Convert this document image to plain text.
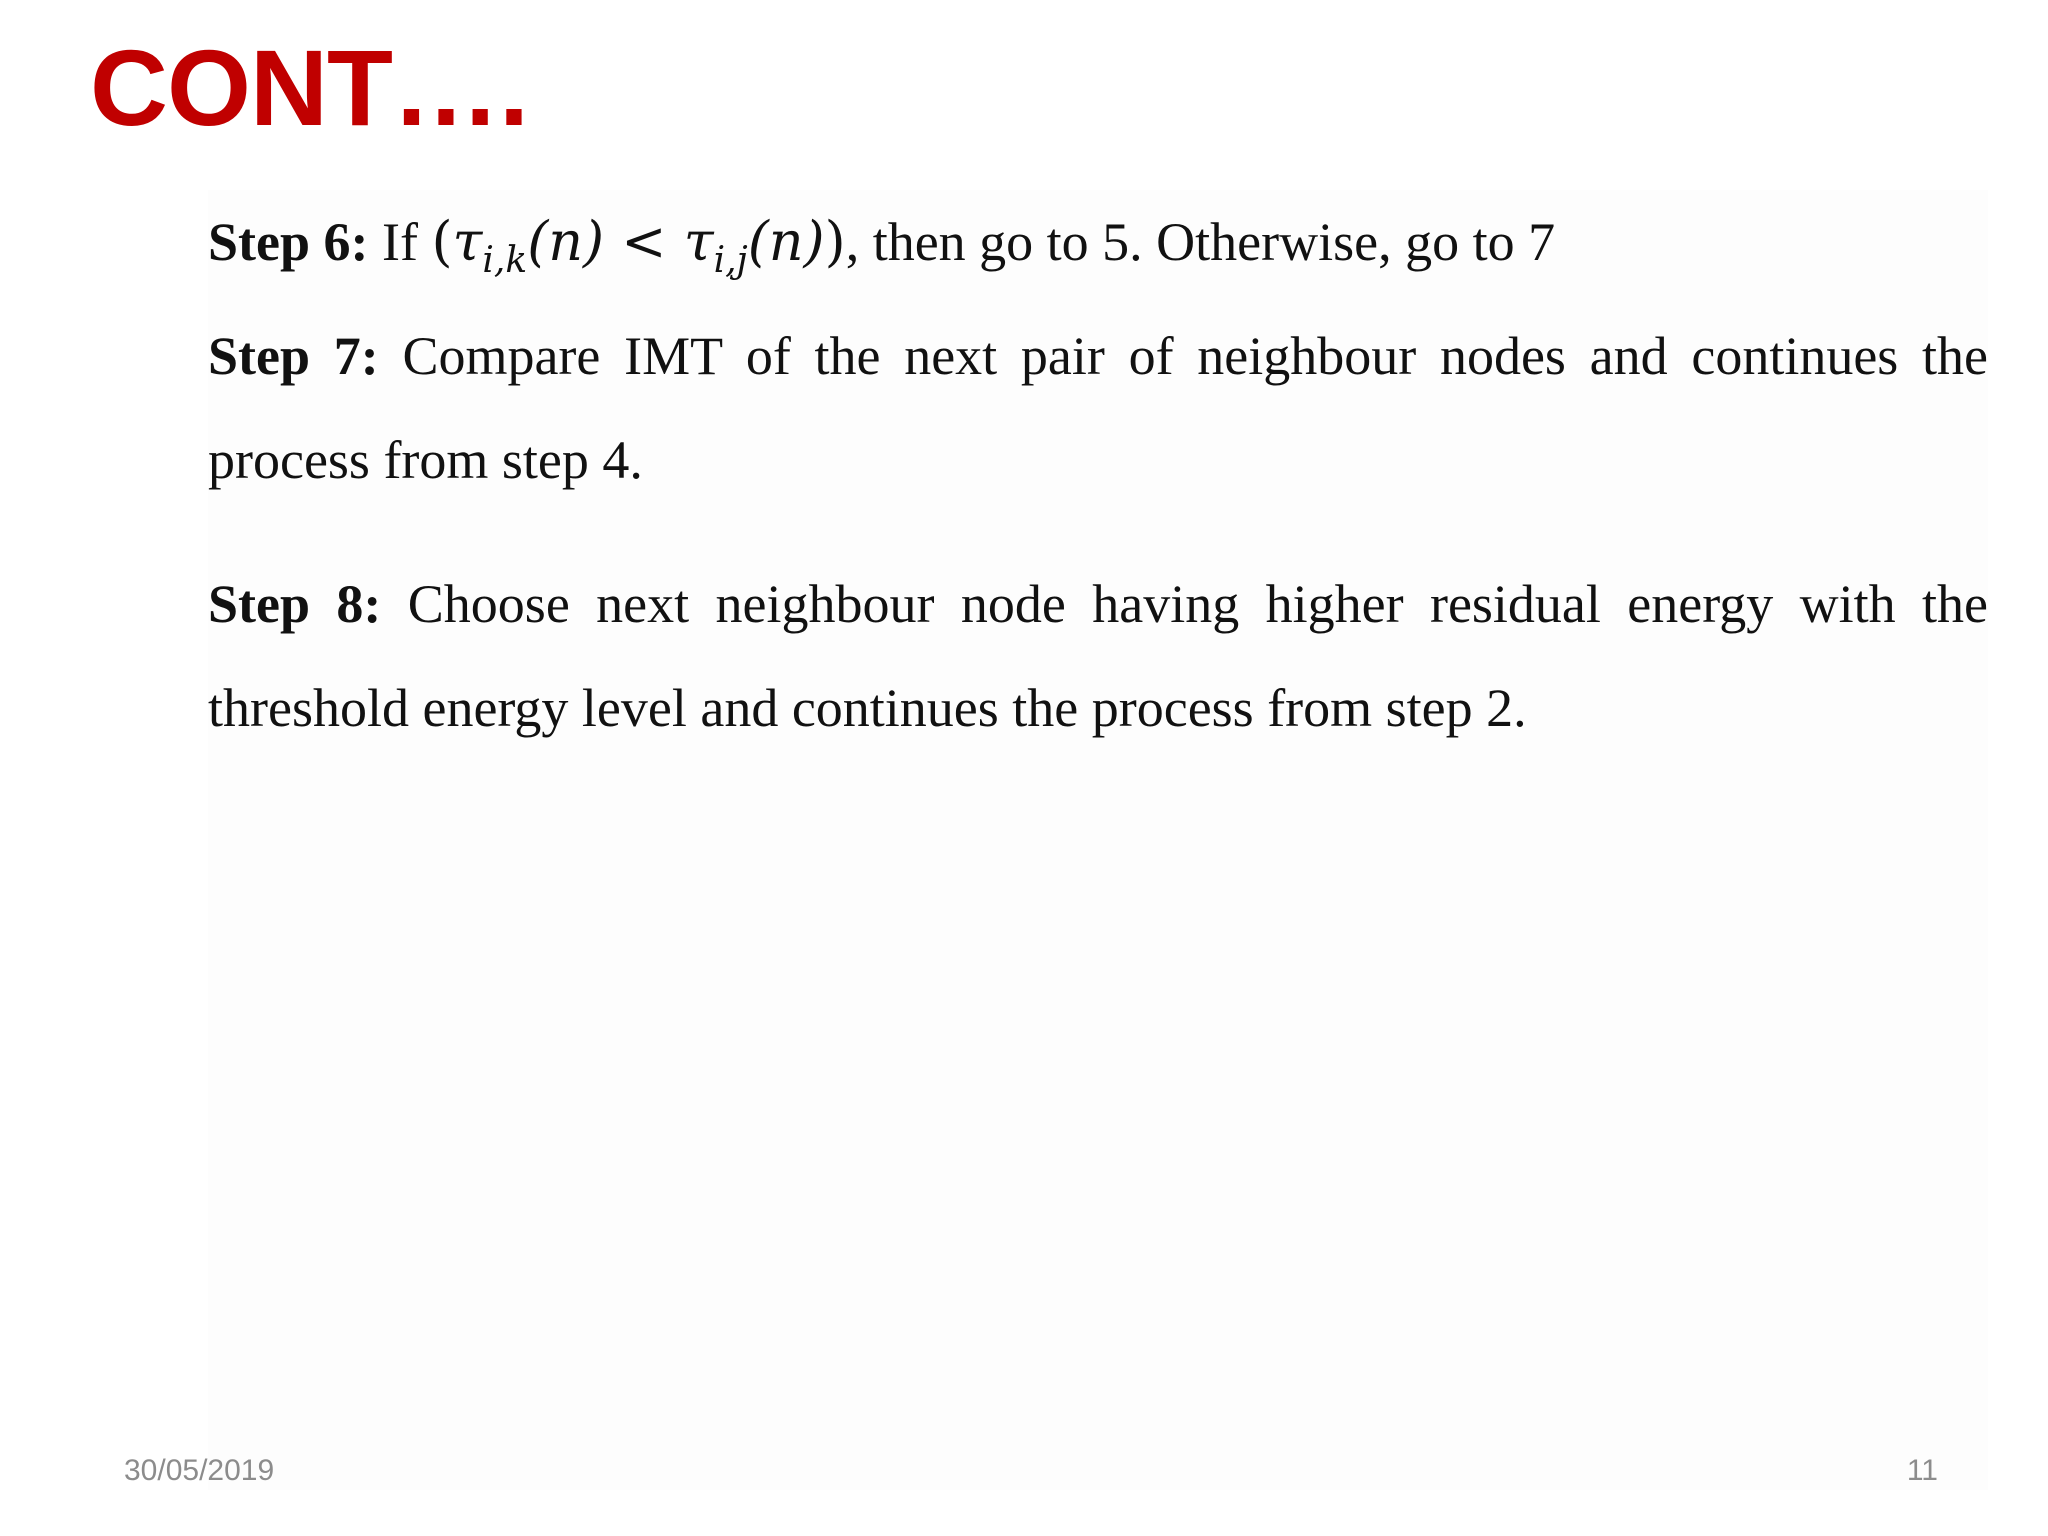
CONT….

Step 6: If $(\tau_{i,k}(n) < \tau_{i,j}(n))$, then go to 5. Otherwise, go to 7

Step 7: Compare IMT of the next pair of neighbour nodes and continues the process from step 4.

Step 8: Choose next neighbour node having higher residual energy with the threshold energy level and continues the process from step 2.

30/05/2019	11
